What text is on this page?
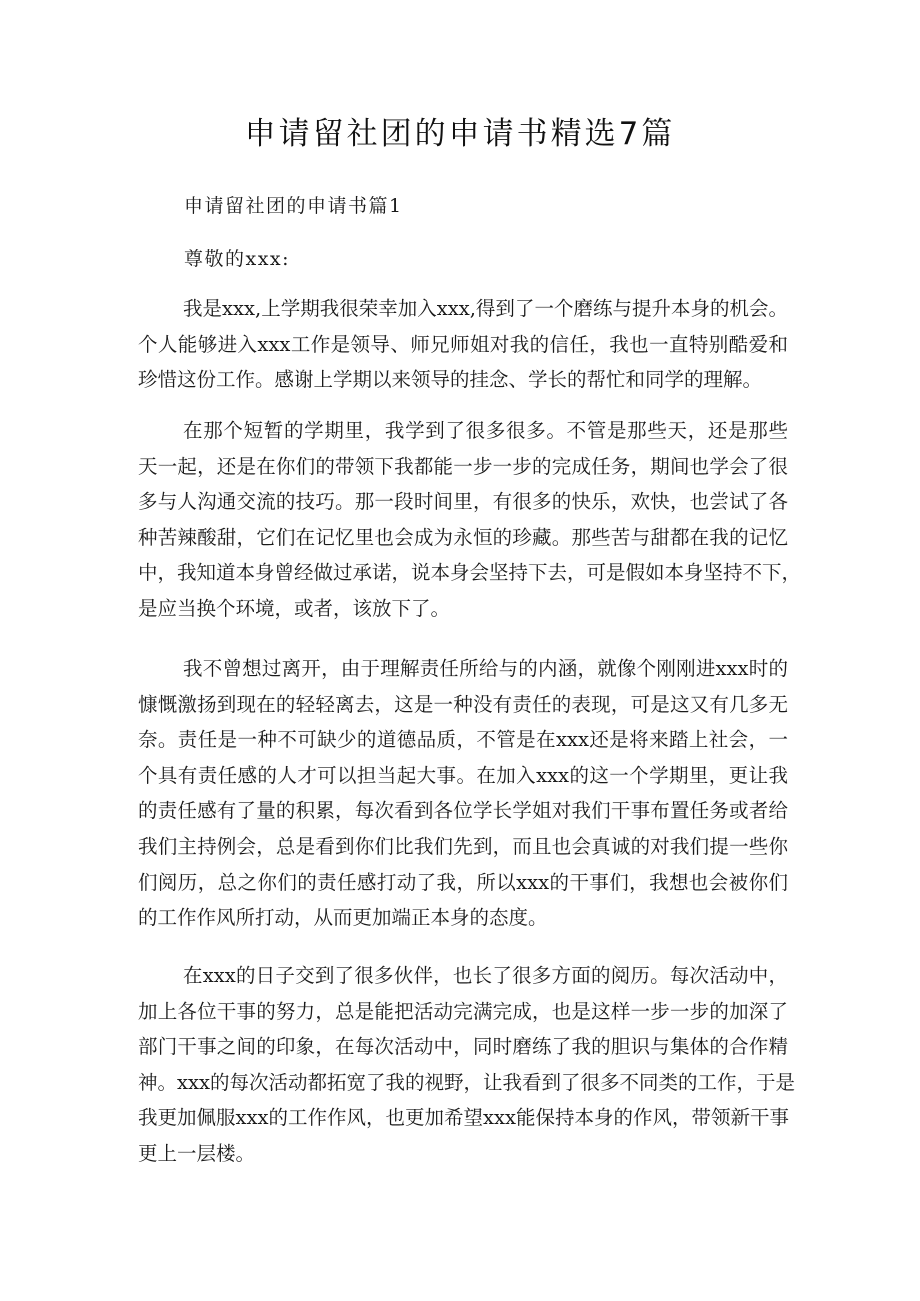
申请留社团的申请书精选7篇

申请留社团的申请书篇1

尊敬的xxx:

我是xxx,上学期我很荣幸加入xxx,得到了一个磨练与提升本身的机会。
个人能够进入xxx工作是领导、师兄师姐对我的信任，我也一直特别酷爱和
珍惜这份工作。感谢上学期以来领导的挂念、学长的帮忙和同学的理解。
在那个短暂的学期里，我学到了很多很多。不管是那些天，还是那些
天一起，还是在你们的带领下我都能一步一步的完成任务，期间也学会了很
多与人沟通交流的技巧。那一段时间里，有很多的快乐，欢快，也尝试了各
种苦辣酸甜，它们在记忆里也会成为永恒的珍藏。那些苦与甜都在我的记忆
中，我知道本身曾经做过承诺，说本身会坚持下去，可是假如本身坚持不下，
是应当换个环境，或者，该放下了。
我不曾想过离开，由于理解责任所给与的内涵，就像个刚刚进xxx时的
慷慨激扬到现在的轻轻离去，这是一种没有责任的表现，可是这又有几多无
奈。责任是一种不可缺少的道德品质，不管是在xxx还是将来踏上社会，一
个具有责任感的人才可以担当起大事。在加入xxx的这一个学期里，更让我
的责任感有了量的积累，每次看到各位学长学姐对我们干事布置任务或者给
我们主持例会，总是看到你们比我们先到，而且也会真诚的对我们提一些你
们阅历，总之你们的责任感打动了我，所以xxx的干事们，我想也会被你们
的工作作风所打动，从而更加端正本身的态度。
在xxx的日子交到了很多伙伴，也长了很多方面的阅历。每次活动中，
加上各位干事的努力，总是能把活动完满完成，也是这样一步一步的加深了
部门干事之间的印象，在每次活动中，同时磨练了我的胆识与集体的合作精
神。xxx的每次活动都拓宽了我的视野，让我看到了很多不同类的工作，于是
我更加佩服xxx的工作作风，也更加希望xxx能保持本身的作风，带领新干事
更上一层楼。
